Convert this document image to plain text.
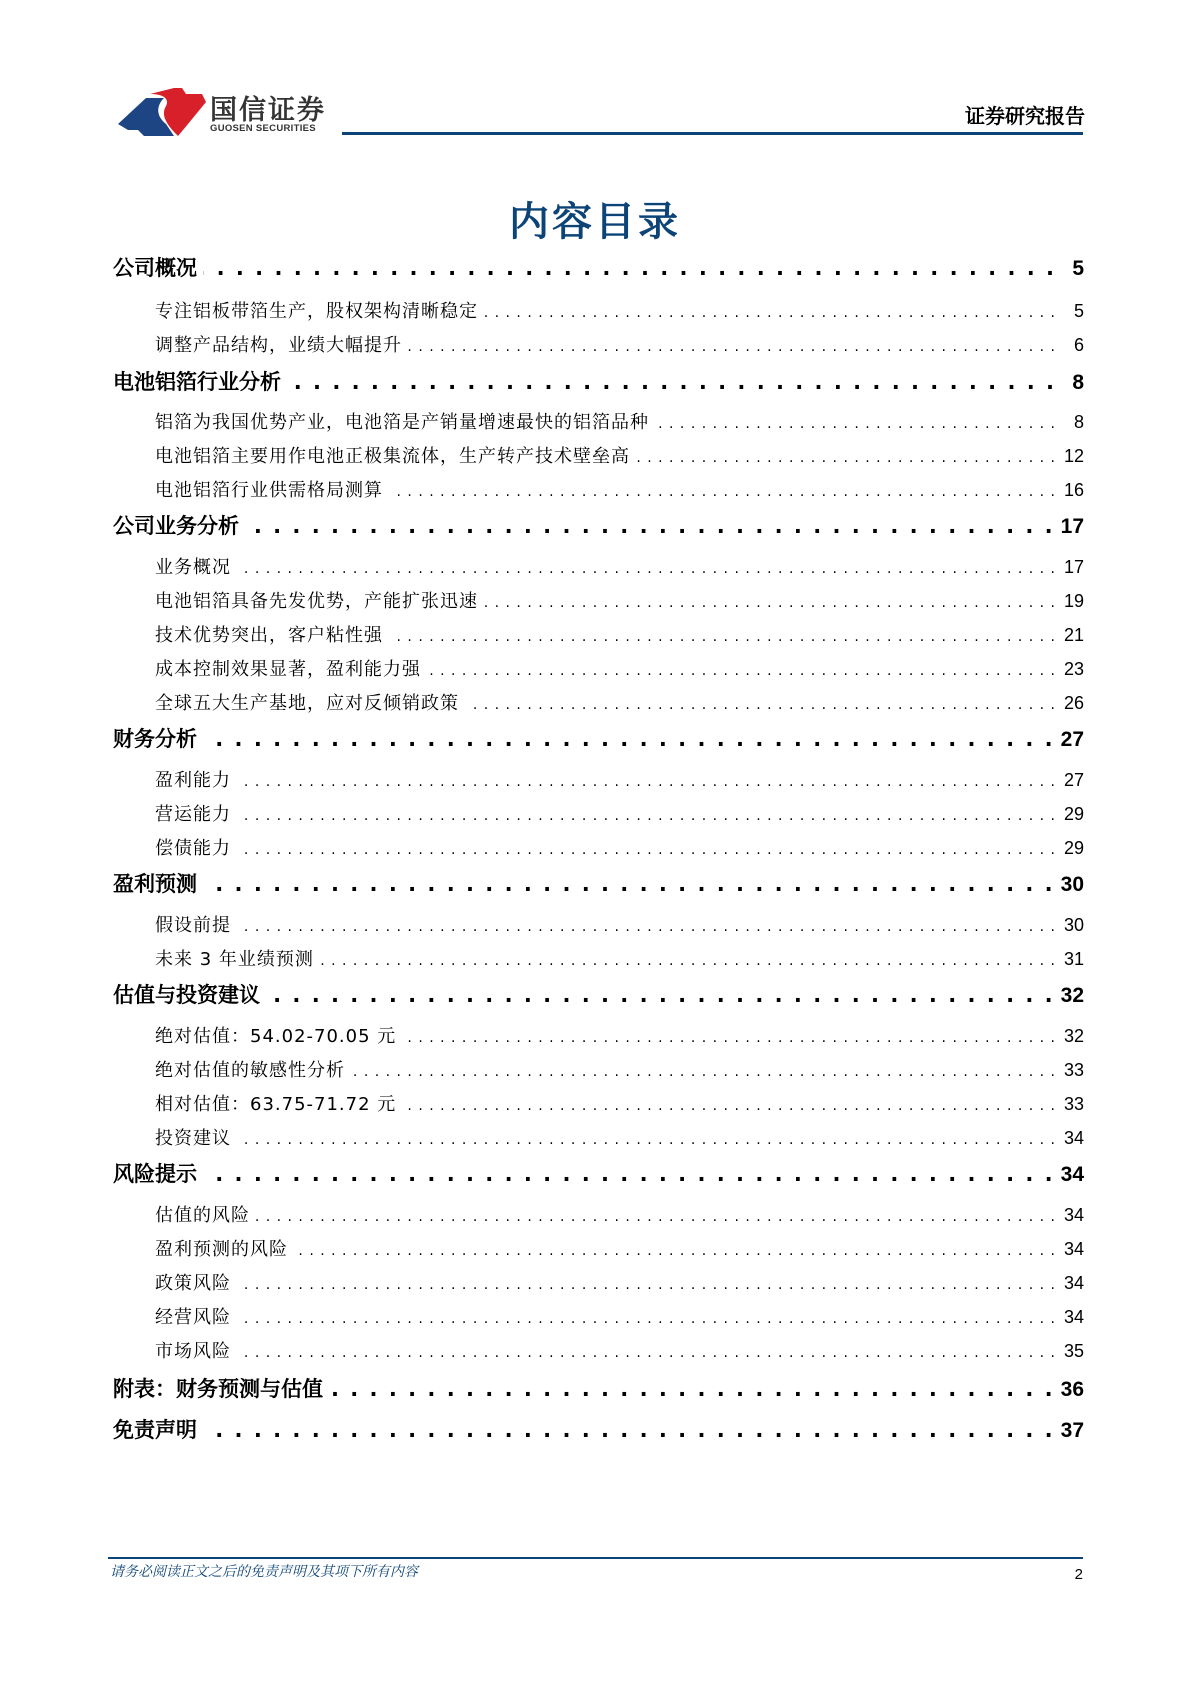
国信证券
GUOSEN SECURITIES
证券研究报告
内容目录
公司概况 . . .	5
专注铝板带箔生产，股权架构清晰稳定 . . .	5
调整产品结构，业绩大幅提升 . . .	6
电池铝箔行业分析 . . .	8
铝箔为我国优势产业，电池箔是产销量增速最快的铝箔品种 . . .	8
电池铝箔主要用作电池正极集流体，生产转产技术壁垒高 . . .	12
电池铝箔行业供需格局测算 . . .	16
公司业务分析 . . .	17
业务概况 . . .	17
电池铝箔具备先发优势，产能扩张迅速 . . .	19
技术优势突出，客户粘性强 . . .	21
成本控制效果显著，盈利能力强 . . .	23
全球五大生产基地，应对反倾销政策 . . .	26
财务分析 . . .	27
盈利能力 . . .	27
营运能力 . . .	29
偿债能力 . . .	29
盈利预测 . . .	30
假设前提 . . .	30
未来 3 年业绩预测 . . .	31
估值与投资建议 . . .	32
绝对估值：54.02-70.05 元 . . .	32
绝对估值的敏感性分析 . . .	33
相对估值：63.75-71.72 元 . . .	33
投资建议 . . .	34
风险提示 . . .	34
估值的风险 . . .	34
盈利预测的风险 . . .	34
政策风险 . . .	34
经营风险 . . .	34
市场风险 . . .	35
附表：财务预测与估值 . . .	36
免责声明 . . .	37
请务必阅读正文之后的免责声明及其项下所有内容	2
